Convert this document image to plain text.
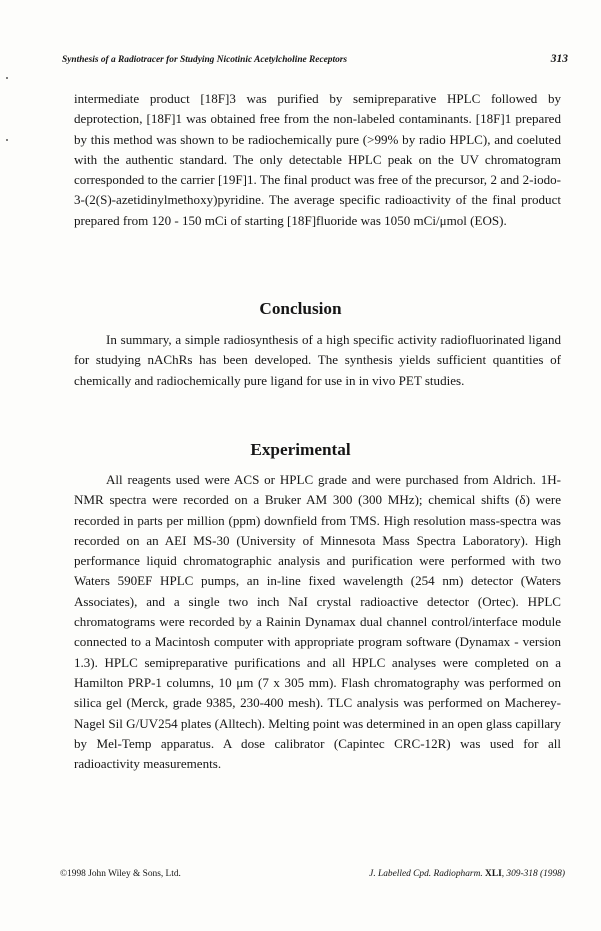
Synthesis of a Radiotracer for Studying Nicotinic Acetylcholine Receptors	313

intermediate product [18F]3 was purified by semipreparative HPLC followed by deprotection, [18F]1 was obtained free from the non-labeled contaminants. [18F]1 prepared by this method was shown to be radiochemically pure (>99% by radio HPLC), and coeluted with the authentic standard. The only detectable HPLC peak on the UV chromatogram corresponded to the carrier [19F]1. The final product was free of the precursor, 2 and 2-iodo-3-(2(S)-azetidinylmethoxy)pyridine. The average specific radioactivity of the final product prepared from 120 - 150 mCi of starting [18F]fluoride was 1050 mCi/μmol (EOS).

Conclusion

In summary, a simple radiosynthesis of a high specific activity radiofluorinated ligand for studying nAChRs has been developed. The synthesis yields sufficient quantities of chemically and radiochemically pure ligand for use in in vivo PET studies.

Experimental

All reagents used were ACS or HPLC grade and were purchased from Aldrich. 1H-NMR spectra were recorded on a Bruker AM 300 (300 MHz); chemical shifts (δ) were recorded in parts per million (ppm) downfield from TMS. High resolution mass-spectra was recorded on an AEI MS-30 (University of Minnesota Mass Spectra Laboratory). High performance liquid chromatographic analysis and purification were performed with two Waters 590EF HPLC pumps, an in-line fixed wavelength (254 nm) detector (Waters Associates), and a single two inch NaI crystal radioactive detector (Ortec). HPLC chromatograms were recorded by a Rainin Dynamax dual channel control/interface module connected to a Macintosh computer with appropriate program software (Dynamax - version 1.3). HPLC semipreparative purifications and all HPLC analyses were completed on a Hamilton PRP-1 columns, 10 μm (7 x 305 mm). Flash chromatography was performed on silica gel (Merck, grade 9385, 230-400 mesh). TLC analysis was performed on Macherey-Nagel Sil G/UV254 plates (Alltech). Melting point was determined in an open glass capillary by Mel-Temp apparatus. A dose calibrator (Capintec CRC-12R) was used for all radioactivity measurements.

©1998 John Wiley & Sons, Ltd.	J. Labelled Cpd. Radiopharm. XLI, 309-318 (1998)
